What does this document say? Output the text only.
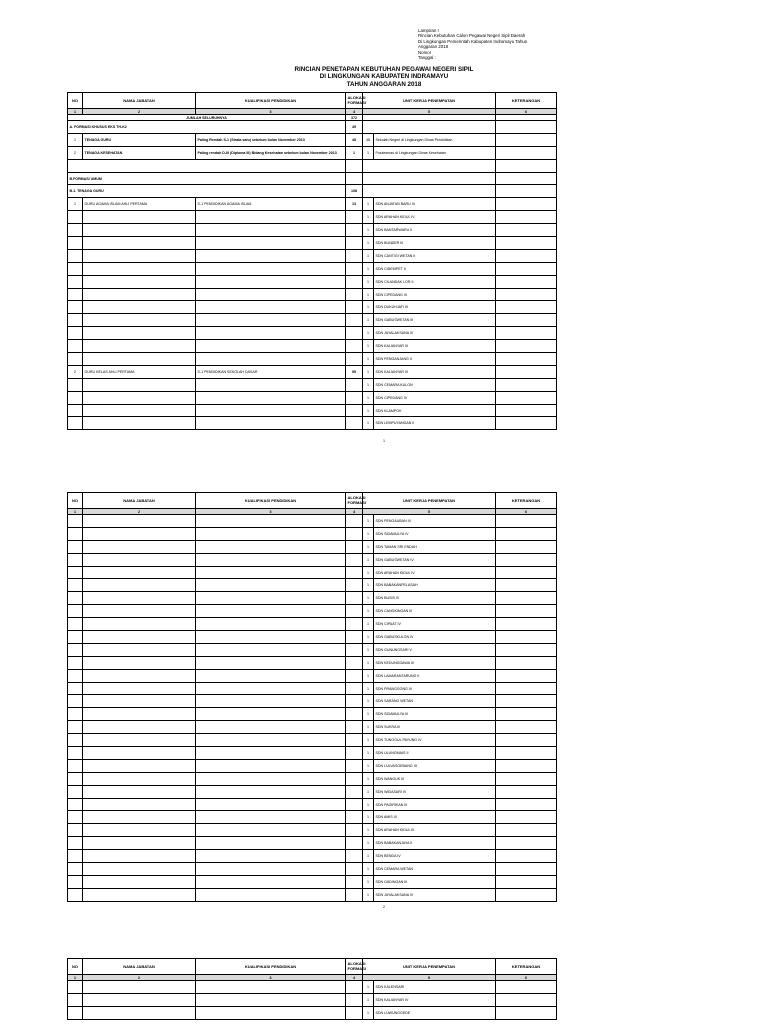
Lampiran I
Rincian Kebutuhan Calon Pegawai Negeri Sipil Daerah
Di Lingkungan Pemerintah Kabupaten Indramayu Tahun
Anggaran 2018
Nomor
Tanggal :
RINCIAN PENETAPAN KEBUTUHAN PEGAWAI NEGERI SIPIL
DI LINGKUNGAN KABUPATEN INDRAMAYU
TAHUN ANGGARAN 2018
NO	NAMA JABATAN	KUALIFIKASI PENDIDIKAN	ALOKASI FORMASI	UNIT KERJA PENEMPATAN		KETERANGAN
1	2	3	4	5		6
JUMLAH SELURUHNYA			372			
A. FORMASI KHUSUS EKS TH-K2			49			
1	TENAGA GURU	Paling Rendah S-1 (Strata satu) sebelum bulan November 2013	48	48	Sekolah Negeri di Lingkungan Dinas Pendidikan	
2	TENAGA KESEHATAN	Paling rendah D-III (Diploma III) Bidang Kesehatan sebelum bulan November 2013	1	1	Puskesmas di Lingkungan Dinas Kesehatan	

B.FORMASI UMUM						
B.1. TENAGA GURU			108			
1	GURU AGAMA ISLAM AHLI PERTAMA	S-1 PENDIDIKAN AGAMA ISLAM	13	1	SDN ANJATAN BARU III	
				1	SDN ARAHAN KIDUL IV	
				1	SDN BANTARWARU II	
				1	SDN BUNDER III	
				1	SDN CANTIGI WETAN II	
				1	SDN CIDEMPET II	
				1	SDN CILANDAK LOR II	
				1	SDN CIPEDANG III	
				1	SDN DUKUHJATI III	
				1	SDN GABUSWETAN III	
				1	SDN JAYALAKSANA III	
				1	SDN KALIANYAR III	
				1	SDN PENGANJANG II	
2	GURU KELAS AHLI PERTAMA	S-1 PENDIDIKAN SEKOLAH DASAR	95	1	SDN KALIANYAR III	
				1	SDN CEMARA KULON	
				1	SDN CIPEDANG IV	
				1	SDN KLAMPOK	
				1	SDN LEMPUYANGAN II	
1
NO	NAMA JABATAN	KUALIFIKASI PENDIDIKAN	ALOKASI FORMASI	UNIT KERJA PENEMPATAN		KETERANGAN
1	2	3	4	5		6
				1	SDN PENGAUBAN III	
				1	SDN SIDAMULYA IV	
				1	SDN TAMAN SRI ENDAH	
				1	SDN GABUSWETAN IV	
				1	SDN ARAHAN KIDUL IV	
				1	SDN BABAKANPELASAH	
				1	SDN BUSIS IV	
				1	SDN CANGKINGAN III	
				1	SDN CIPAAT IV	
				1	SDN GABUSKULON IV	
				1	SDN GUNUNGSARI V	
				1	SDN KEDUNGDAWA III	
				1	SDN LAMARANTARUNG II	
				1	SDN PRANGGONG III	
				1	SDN SARANG WETAN	
				1	SDN SIDAMULYA III	
				1	SDN SUKRA III	
				1	SDN TUNGGUL PAYUNG IV	
				1	SDN ULUNGMAIS II	
				1	SDN LULVASGEBANG III	
				1	SDN WANGUK III	
				1	SDN WIDASARI IV	
				1	SDN PAGIRIKAN III	
				1	SDN AMIS III	
				1	SDN ARAHAN KIDUL III	
				1	SDN BABAKANJAYA II	
				1	SDN BENDA IV	
				1	SDN CEMARA WETAN	
				1	SDN GADINGAN III	
				1	SDN JAYALAKSANA IV	
2
NO	NAMA JABATAN	KUALIFIKASI PENDIDIKAN	ALOKASI FORMASI	UNIT KERJA PENEMPATAN		KETERANGAN
1	2	3	4	5		6
				1	SDN KALENSARI	
				1	SDN KALIANYAR IV	
				1	SDN LUWUNGGEDE	
